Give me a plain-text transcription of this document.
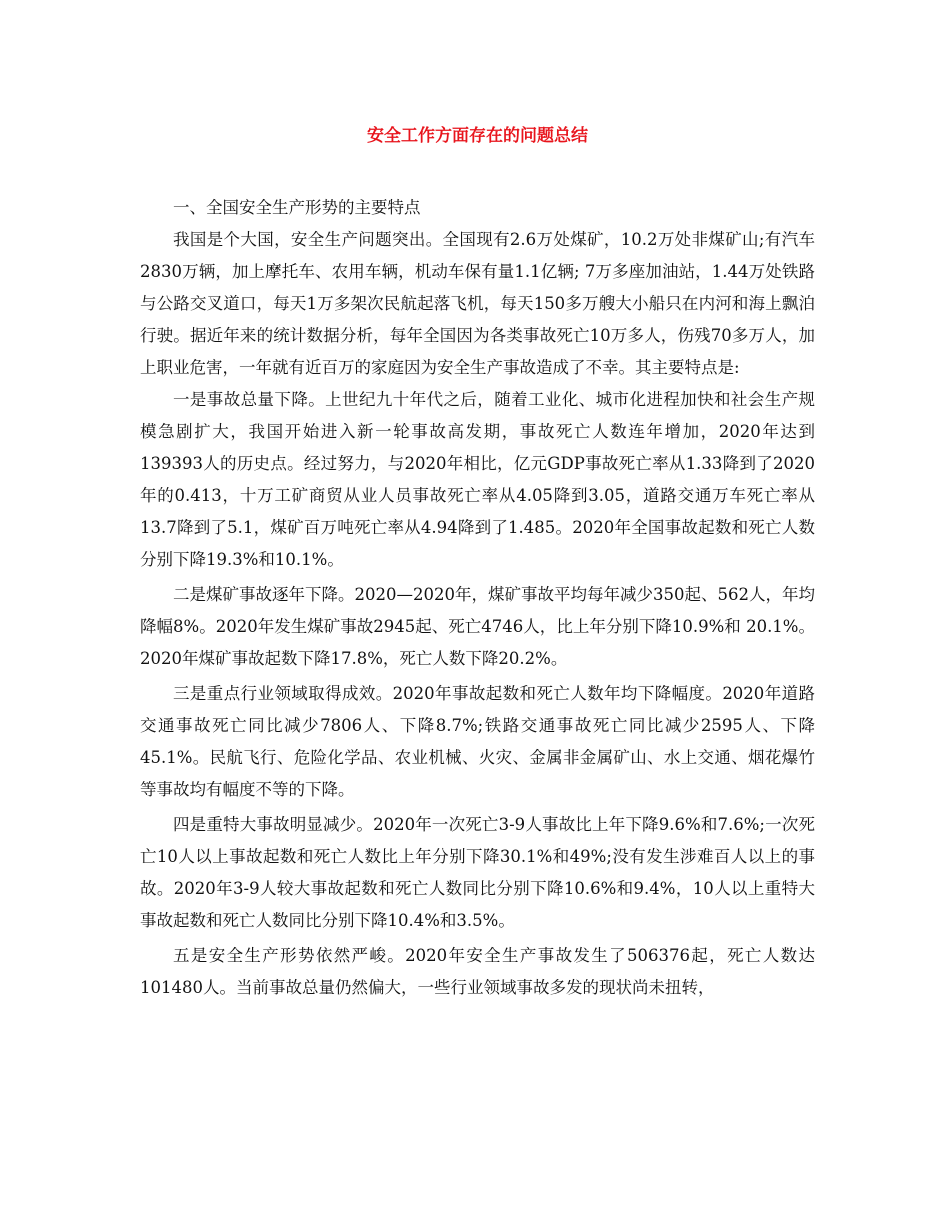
安全工作方面存在的问题总结

一、全国安全生产形势的主要特点

我国是个大国，安全生产问题突出。全国现有2.6万处煤矿，10.2万处非煤矿山;有汽车2830万辆，加上摩托车、农用车辆，机动车保有量1.1亿辆; 7万多座加油站，1.44万处铁路与公路交叉道口，每天1万多架次民航起落飞机，每天150多万艘大小船只在内河和海上飘泊行驶。据近年来的统计数据分析，每年全国因为各类事故死亡10万多人，伤残70多万人，加上职业危害，一年就有近百万的家庭因为安全生产事故造成了不幸。其主要特点是:

一是事故总量下降。上世纪九十年代之后，随着工业化、城市化进程加快和社会生产规模急剧扩大，我国开始进入新一轮事故高发期，事故死亡人数连年增加，2020年达到139393人的历史点。经过努力，与2020年相比，亿元GDP事故死亡率从1.33降到了2020年的0.413，十万工矿商贸从业人员事故死亡率从4.05降到3.05，道路交通万车死亡率从13.7降到了5.1，煤矿百万吨死亡率从4.94降到了1.485。2020年全国事故起数和死亡人数分别下降19.3%和10.1%。

二是煤矿事故逐年下降。2020—2020年，煤矿事故平均每年减少350起、562人，年均降幅8%。2020年发生煤矿事故2945起、死亡4746人，比上年分别下降10.9%和 20.1%。2020年煤矿事故起数下降17.8%，死亡人数下降20.2%。

三是重点行业领域取得成效。2020年事故起数和死亡人数年均下降幅度。2020年道路交通事故死亡同比减少7806人、下降8.7%;铁路交通事故死亡同比减少2595人、下降45.1%。民航飞行、危险化学品、农业机械、火灾、金属非金属矿山、水上交通、烟花爆竹等事故均有幅度不等的下降。

四是重特大事故明显减少。2020年一次死亡3-9人事故比上年下降9.6%和7.6%;一次死亡10人以上事故起数和死亡人数比上年分别下降30.1%和49%;没有发生涉难百人以上的事故。2020年3-9人较大事故起数和死亡人数同比分别下降10.6%和9.4%，10人以上重特大事故起数和死亡人数同比分别下降10.4%和3.5%。

五是安全生产形势依然严峻。2020年安全生产事故发生了506376起，死亡人数达101480人。当前事故总量仍然偏大，一些行业领域事故多发的现状尚未扭转，
